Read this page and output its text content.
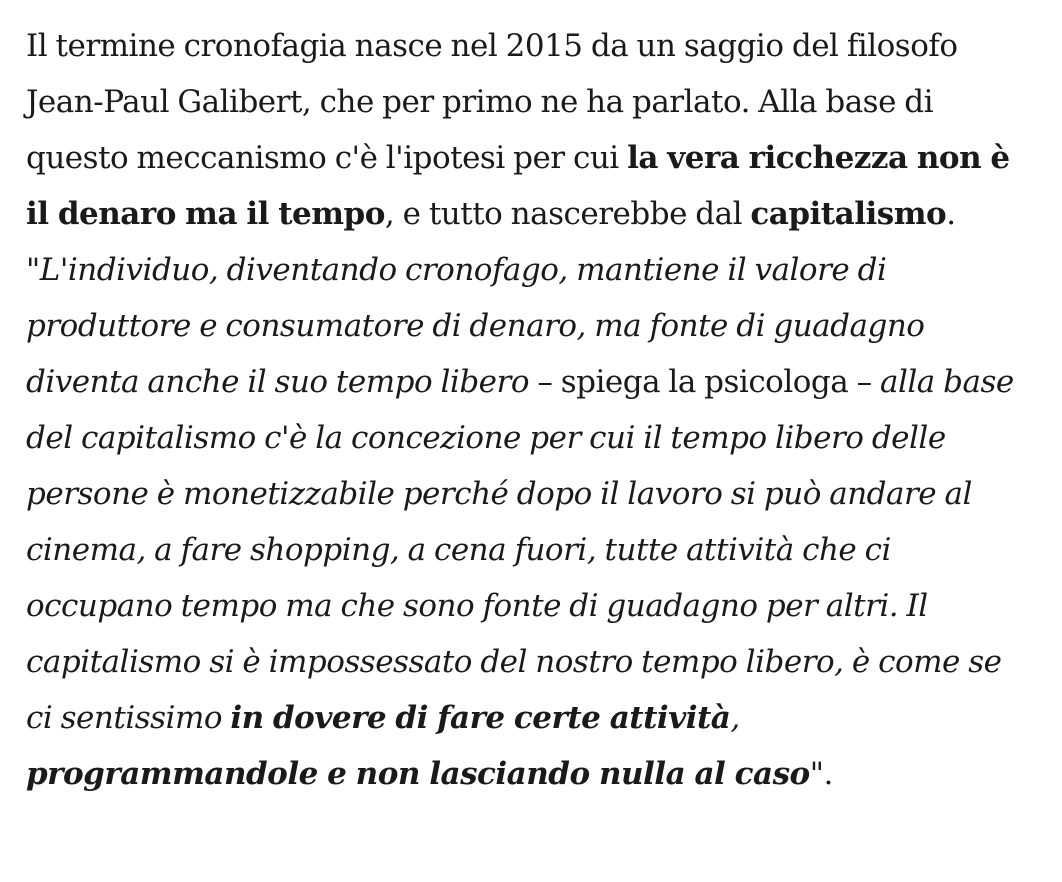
Il termine cronofagia nasce nel 2015 da un saggio del filosofo Jean-Paul Galibert, che per primo ne ha parlato. Alla base di questo meccanismo c'è l'ipotesi per cui la vera ricchezza non è il denaro ma il tempo, e tutto nascerebbe dal capitalismo. "L'individuo, diventando cronofago, mantiene il valore di produttore e consumatore di denaro, ma fonte di guadagno diventa anche il suo tempo libero – spiega la psicologa – alla base del capitalismo c'è la concezione per cui il tempo libero delle persone è monetizzabile perché dopo il lavoro si può andare al cinema, a fare shopping, a cena fuori, tutte attività che ci occupano tempo ma che sono fonte di guadagno per altri. Il capitalismo si è impossessato del nostro tempo libero, è come se ci sentissimo in dovere di fare certe attività, programmandole e non lasciando nulla al caso".
